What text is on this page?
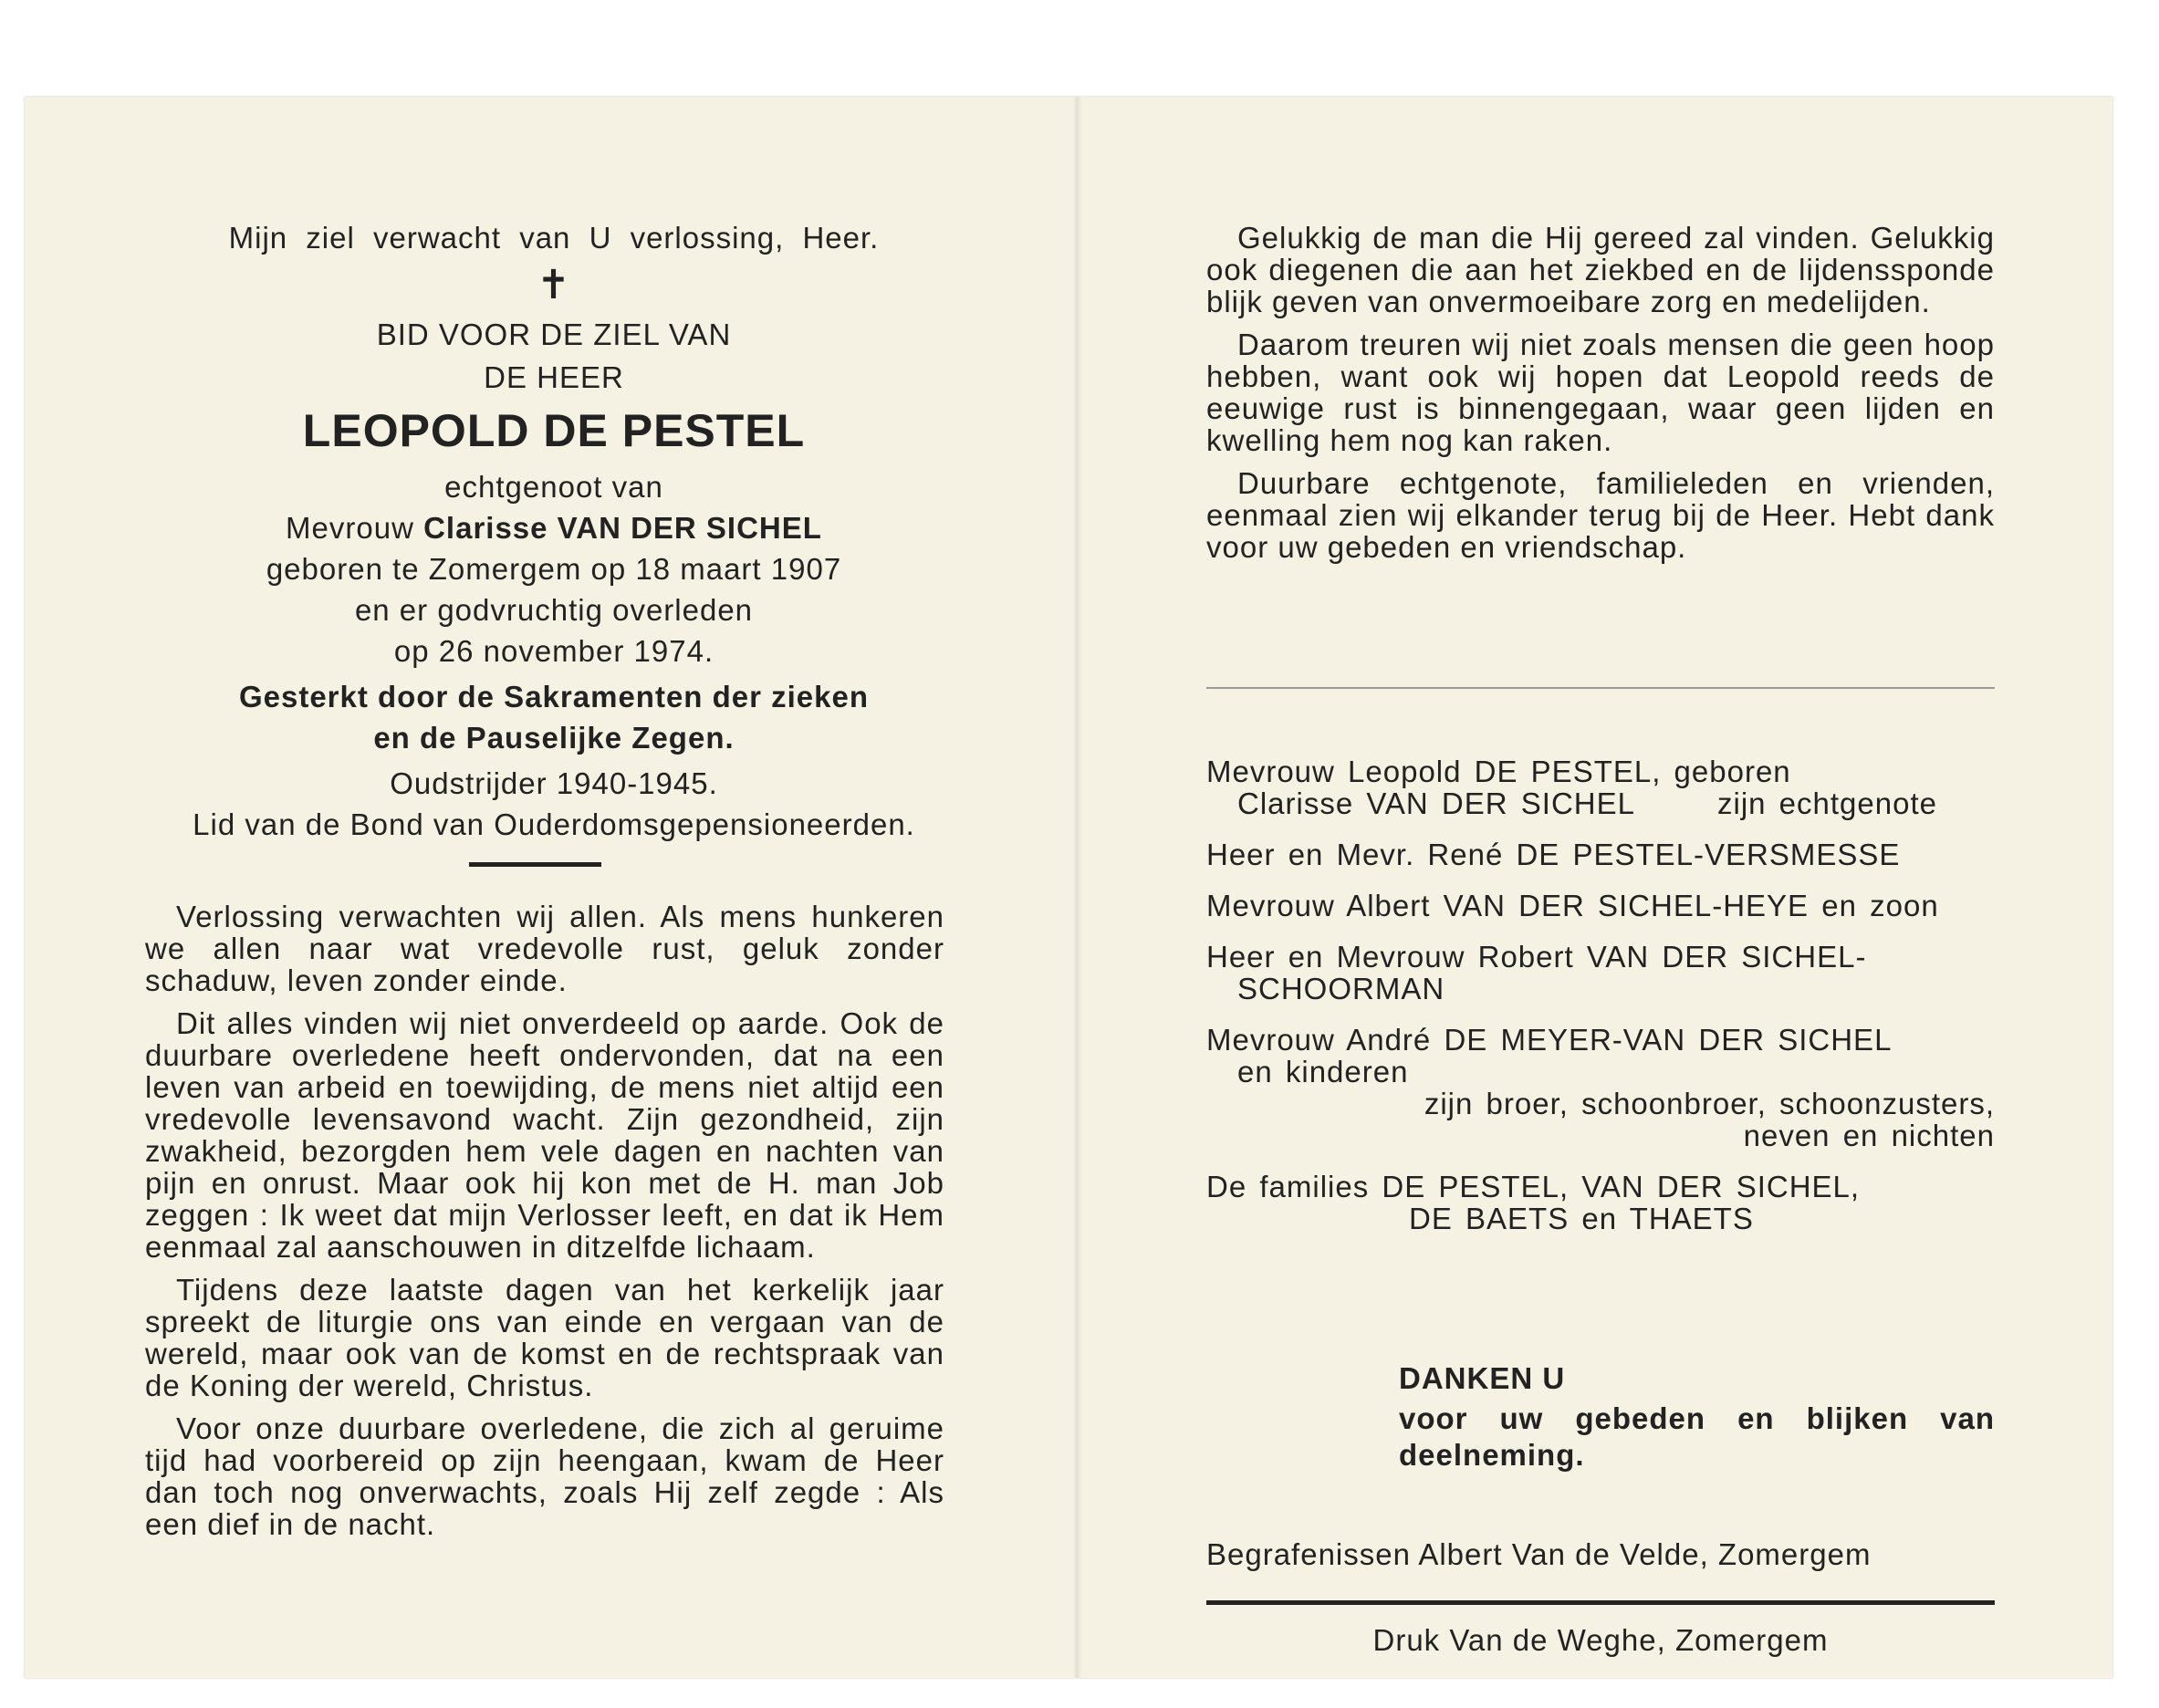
Mijn ziel verwacht van U verlossing, Heer.
✝
BID VOOR DE ZIEL VAN
DE HEER
LEOPOLD DE PESTEL
echtgenoot van
Mevrouw Clarisse VAN DER SICHEL
geboren te Zomergem op 18 maart 1907
en er godvruchtig overleden
op 26 november 1974.
Gesterkt door de Sakramenten der zieken
en de Pauselijke Zegen.
Oudstrijder 1940-1945.
Lid van de Bond van Ouderdomsgepensioneerden.

Verlossing verwachten wij allen. Als mens hunkeren we allen naar wat vredevolle rust, geluk zonder schaduw, leven zonder einde.

Dit alles vinden wij niet onverdeeld op aarde. Ook de duurbare overledene heeft ondervonden, dat na een leven van arbeid en toewijding, de mens niet altijd een vredevolle levensavond wacht. Zijn gezondheid, zijn zwakheid, bezorgden hem vele dagen en nachten van pijn en onrust. Maar ook hij kon met de H. man Job zeggen : Ik weet dat mijn Verlosser leeft, en dat ik Hem eenmaal zal aanschouwen in ditzelfde lichaam.

Tijdens deze laatste dagen van het kerkelijk jaar spreekt de liturgie ons van einde en vergaan van de wereld, maar ook van de komst en de rechtspraak van de Koning der wereld, Christus.

Voor onze duurbare overledene, die zich al geruime tijd had voorbereid op zijn heengaan, kwam de Heer dan toch nog onverwachts, zoals Hij zelf zegde : Als een dief in de nacht.

Gelukkig de man die Hij gereed zal vinden. Gelukkig ook diegenen die aan het ziekbed en de lijdenssponde blijk geven van onvermoeibare zorg en medelijden.

Daarom treuren wij niet zoals mensen die geen hoop hebben, want ook wij hopen dat Leopold reeds de eeuwige rust is binnengegaan, waar geen lijden en kwelling hem nog kan raken.

Duurbare echtgenote, familieleden en vrienden, eenmaal zien wij elkander terug bij de Heer. Hebt dank voor uw gebeden en vriendschap.

Mevrouw Leopold DE PESTEL, geboren
Clarisse VAN DER SICHEL	zijn echtgenote
Heer en Mevr. René DE PESTEL-VERSMESSE
Mevrouw Albert VAN DER SICHEL-HEYE en zoon
Heer en Mevrouw Robert VAN DER SICHEL-
SCHOORMAN
Mevrouw André DE MEYER-VAN DER SICHEL
en kinderen
zijn broer, schoonbroer, schoonzusters,
neven en nichten
De families DE PESTEL, VAN DER SICHEL,
DE BAETS en THAETS
DANKEN U
voor uw gebeden en blijken van
deelneming.
Begrafenissen Albert Van de Velde, Zomergem
Druk Van de Weghe, Zomergem
